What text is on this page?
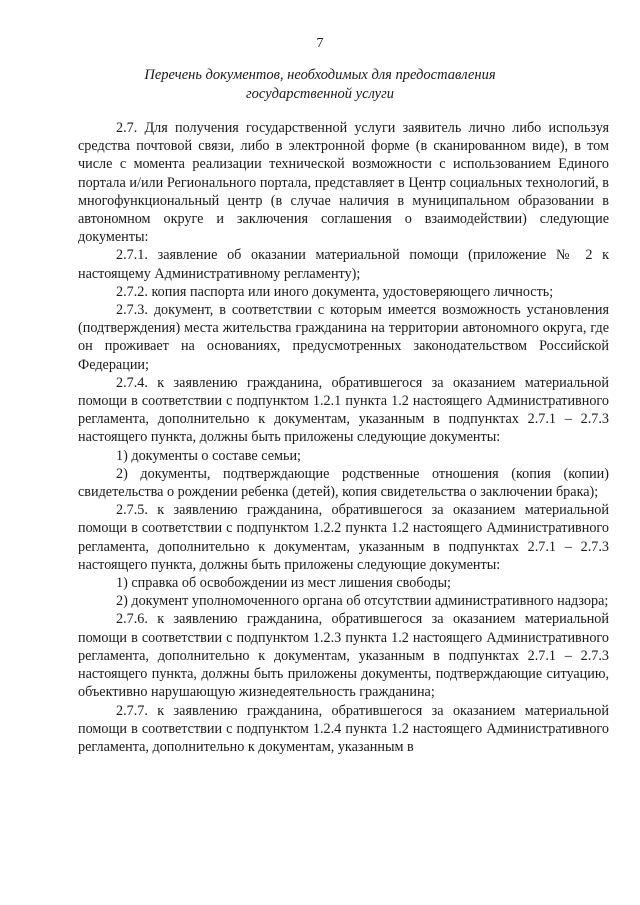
7
Перечень документов, необходимых для предоставления
государственной услуги

2.7. Для получения государственной услуги заявитель лично либо используя средства почтовой связи, либо в электронной форме (в сканированном виде), в том числе с момента реализации технической возможности с использованием Единого портала и/или Регионального портала, представляет в Центр социальных технологий, в многофункциональный центр (в случае наличия в муниципальном образовании в автономном округе и заключения соглашения о взаимодействии) следующие документы:

2.7.1. заявление об оказании материальной помощи (приложение № 2 к настоящему Административному регламенту);

2.7.2. копия паспорта или иного документа, удостоверяющего личность;

2.7.3. документ, в соответствии с которым имеется возможность установления (подтверждения) места жительства гражданина на территории автономного округа, где он проживает на основаниях, предусмотренных законодательством Российской Федерации;

2.7.4. к заявлению гражданина, обратившегося за оказанием материальной помощи в соответствии с подпунктом 1.2.1 пункта 1.2 настоящего Административного регламента, дополнительно к документам, указанным в подпунктах 2.7.1 – 2.7.3 настоящего пункта, должны быть приложены следующие документы:

1) документы о составе семьи;

2) документы, подтверждающие родственные отношения (копия (копии) свидетельства о рождении ребенка (детей), копия свидетельства о заключении брака);

2.7.5. к заявлению гражданина, обратившегося за оказанием материальной помощи в соответствии с подпунктом 1.2.2 пункта 1.2 настоящего Административного регламента, дополнительно к документам, указанным в подпунктах 2.7.1 – 2.7.3 настоящего пункта, должны быть приложены следующие документы:

1) справка об освобождении из мест лишения свободы;

2) документ уполномоченного органа об отсутствии административного надзора;

2.7.6. к заявлению гражданина, обратившегося за оказанием материальной помощи в соответствии с подпунктом 1.2.3 пункта 1.2 настоящего Административного регламента, дополнительно к документам, указанным в подпунктах 2.7.1 – 2.7.3 настоящего пункта, должны быть приложены документы, подтверждающие ситуацию, объективно нарушающую жизнедеятельность гражданина;

2.7.7. к заявлению гражданина, обратившегося за оказанием материальной помощи в соответствии с подпунктом 1.2.4 пункта 1.2 настоящего Административного регламента, дополнительно к документам, указанным в
